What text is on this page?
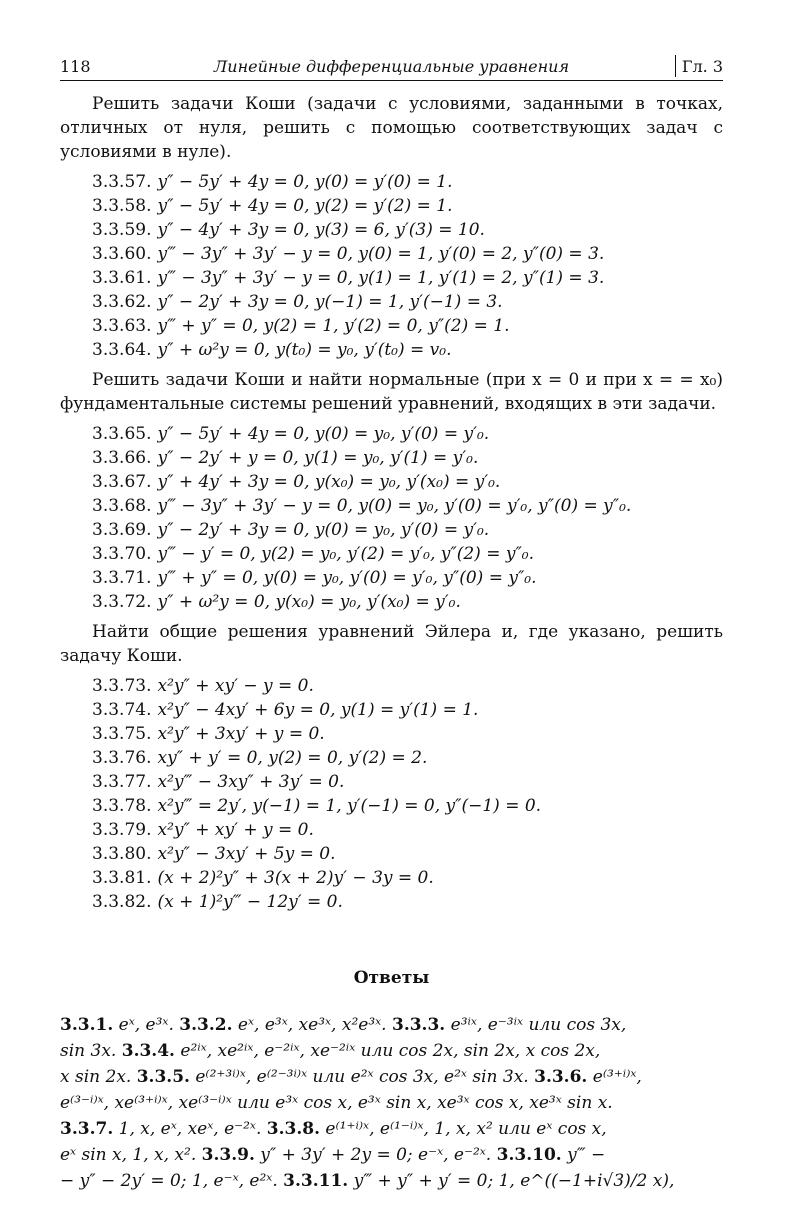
118	Линейные дифференциальные уравнения	Гл. 3

Решить задачи Коши (задачи с условиями, заданными в точках, отличных от нуля, решить с помощью соответствующих задач с условиями в нуле).

3.3.57. y″ − 5y′ + 4y = 0, y(0) = y′(0) = 1.
3.3.58. y″ − 5y′ + 4y = 0, y(2) = y′(2) = 1.
3.3.59. y″ − 4y′ + 3y = 0, y(3) = 6, y′(3) = 10.
3.3.60. y‴ − 3y″ + 3y′ − y = 0, y(0) = 1, y′(0) = 2, y″(0) = 3.
3.3.61. y‴ − 3y″ + 3y′ − y = 0, y(1) = 1, y′(1) = 2, y″(1) = 3.
3.3.62. y″ − 2y′ + 3y = 0, y(−1) = 1, y′(−1) = 3.
3.3.63. y‴ + y″ = 0, y(2) = 1, y′(2) = 0, y″(2) = 1.
3.3.64. y″ + ω²y = 0, y(t₀) = y₀, y′(t₀) = v₀.

Решить задачи Коши и найти нормальные (при x = 0 и при x = = x₀) фундаментальные системы решений уравнений, входящих в эти задачи.

3.3.65. y″ − 5y′ + 4y = 0, y(0) = y₀, y′(0) = y′₀.
3.3.66. y″ − 2y′ + y = 0, y(1) = y₀, y′(1) = y′₀.
3.3.67. y″ + 4y′ + 3y = 0, y(x₀) = y₀, y′(x₀) = y′₀.
3.3.68. y‴ − 3y″ + 3y′ − y = 0, y(0) = y₀, y′(0) = y′₀, y″(0) = y″₀.
3.3.69. y″ − 2y′ + 3y = 0, y(0) = y₀, y′(0) = y′₀.
3.3.70. y‴ − y′ = 0, y(2) = y₀, y′(2) = y′₀, y″(2) = y″₀.
3.3.71. y‴ + y″ = 0, y(0) = y₀, y′(0) = y′₀, y″(0) = y″₀.
3.3.72. y″ + ω²y = 0, y(x₀) = y₀, y′(x₀) = y′₀.

Найти общие решения уравнений Эйлера и, где указано, решить задачу Коши.

3.3.73. x²y″ + xy′ − y = 0.
3.3.74. x²y″ − 4xy′ + 6y = 0, y(1) = y′(1) = 1.
3.3.75. x²y″ + 3xy′ + y = 0.
3.3.76. xy″ + y′ = 0, y(2) = 0, y′(2) = 2.
3.3.77. x²y‴ − 3xy″ + 3y′ = 0.
3.3.78. x²y‴ = 2y′, y(−1) = 1, y′(−1) = 0, y″(−1) = 0.
3.3.79. x²y″ + xy′ + y = 0.
3.3.80. x²y″ − 3xy′ + 5y = 0.
3.3.81. (x + 2)²y″ + 3(x + 2)y′ − 3y = 0.
3.3.82. (x + 1)²y‴ − 12y′ = 0.
Ответы

3.3.1. eˣ, e³ˣ. 3.3.2. eˣ, e³ˣ, xe³ˣ, x²e³ˣ. 3.3.3. e³ⁱˣ, e⁻³ⁱˣ или cos 3x,

sin 3x. 3.3.4. e²ⁱˣ, xe²ⁱˣ, e⁻²ⁱˣ, xe⁻²ⁱˣ или cos 2x, sin 2x, x cos 2x,

x sin 2x. 3.3.5. e⁽²⁺³ⁱ⁾ˣ, e⁽²⁻³ⁱ⁾ˣ или e²ˣ cos 3x, e²ˣ sin 3x. 3.3.6. e⁽³⁺ⁱ⁾ˣ,

e⁽³⁻ⁱ⁾ˣ, xe⁽³⁺ⁱ⁾ˣ, xe⁽³⁻ⁱ⁾ˣ или e³ˣ cos x, e³ˣ sin x, xe³ˣ cos x, xe³ˣ sin x.

3.3.7. 1, x, eˣ, xeˣ, e⁻²ˣ. 3.3.8. e⁽¹⁺ⁱ⁾ˣ, e⁽¹⁻ⁱ⁾ˣ, 1, x, x² или eˣ cos x,

eˣ sin x, 1, x, x². 3.3.9. y″ + 3y′ + 2y = 0; e⁻ˣ, e⁻²ˣ. 3.3.10. y‴ −

− y″ − 2y′ = 0; 1, e⁻ˣ, e²ˣ. 3.3.11. y‴ + y″ + y′ = 0; 1, e^((−1+i√3)/2 x),
